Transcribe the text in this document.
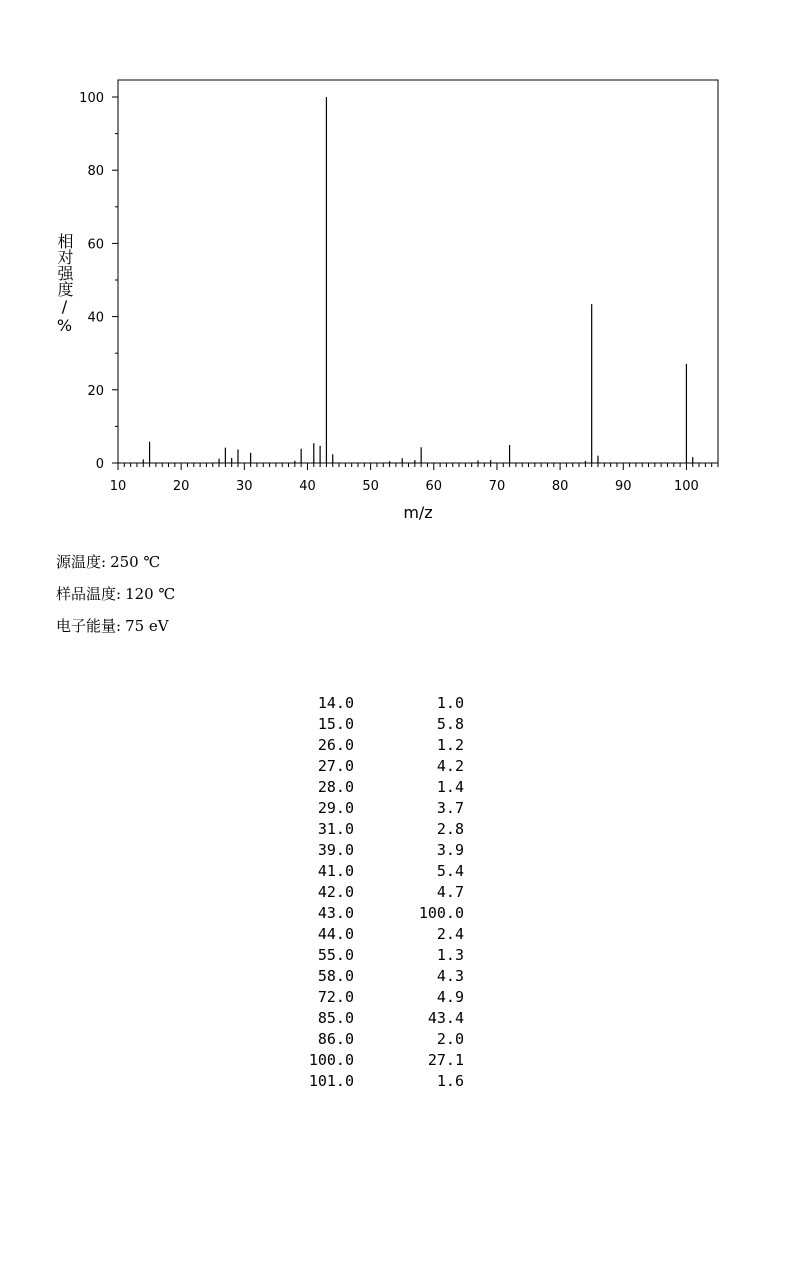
0
20
40
60
80
100
10	20	30	40	50	60	70	80	90	100
m/z
相对强度/%
源温度: 250 ℃
样品温度: 120 ℃
电子能量: 75 eV
14.0	1.0
15.0	5.8
26.0	1.2
27.0	4.2
28.0	1.4
29.0	3.7
31.0	2.8
39.0	3.9
41.0	5.4
42.0	4.7
43.0	100.0
44.0	2.4
55.0	1.3
58.0	4.3
72.0	4.9
85.0	43.4
86.0	2.0
100.0	27.1
101.0	1.6
